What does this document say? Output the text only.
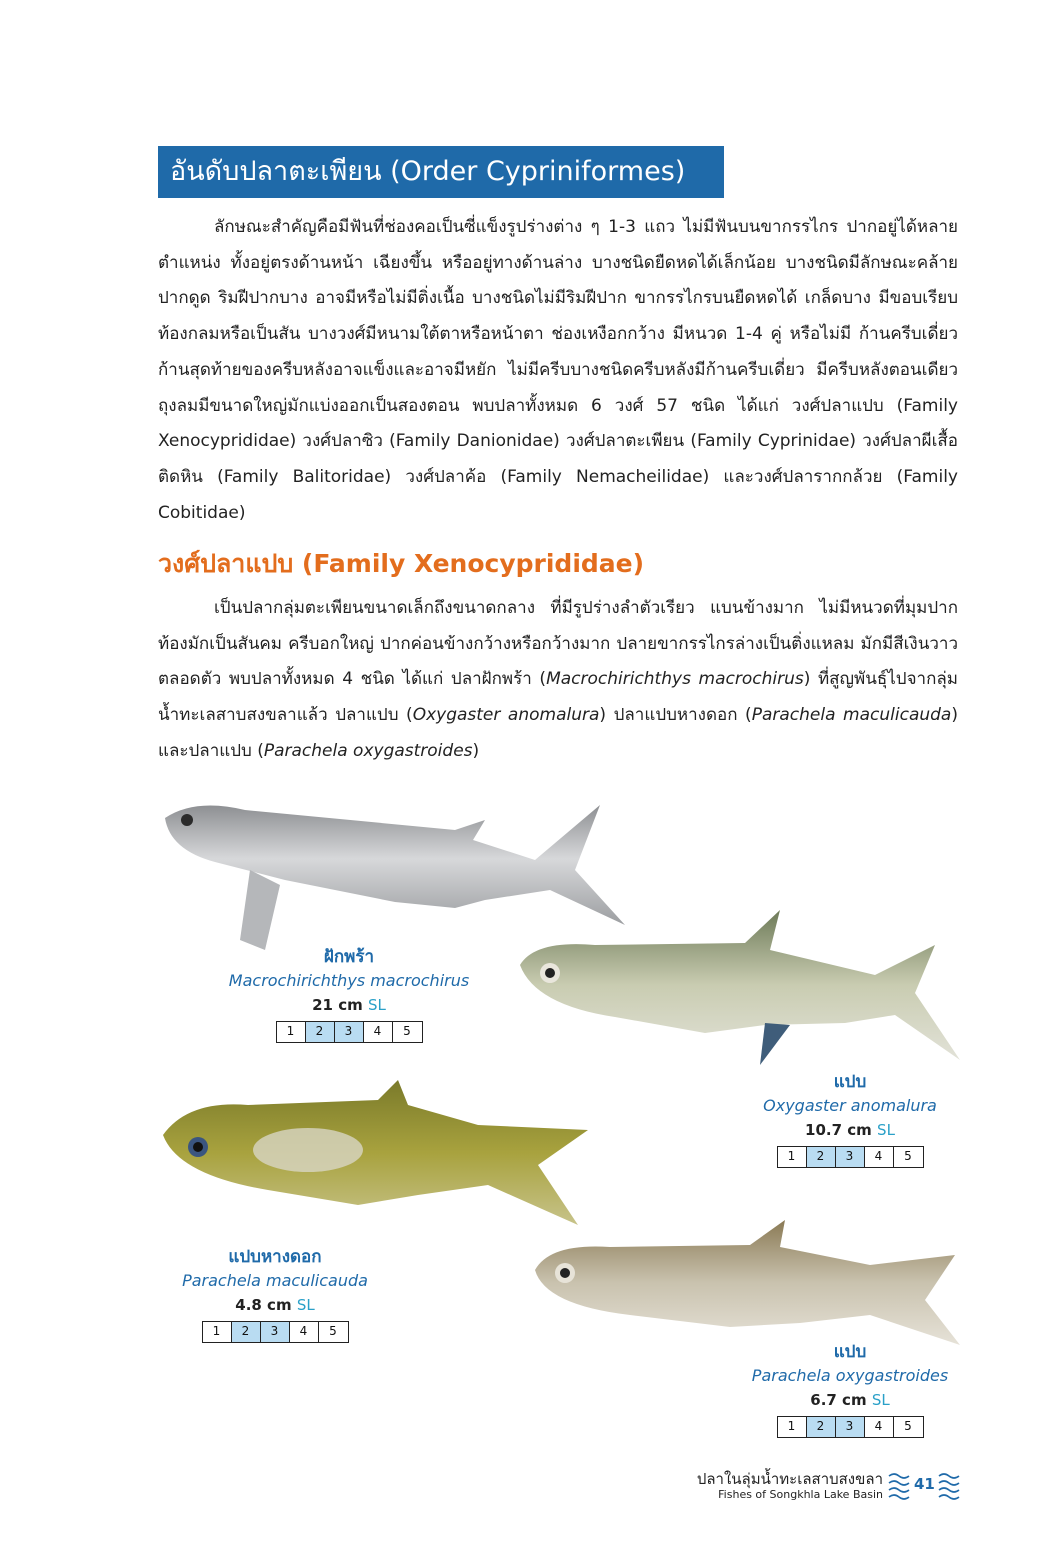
อันดับปลาตะเพียน (Order Cypriniformes)

ลักษณะสำคัญคือมีฟันที่ช่องคอเป็นซี่แข็งรูปร่างต่าง ๆ 1-3 แถว ไม่มีฟันบนขากรรไกร ปากอยู่ได้หลายตำแหน่ง ทั้งอยู่ตรงด้านหน้า เฉียงขึ้น หรืออยู่ทางด้านล่าง บางชนิดยืดหดได้เล็กน้อย บางชนิดมีลักษณะคล้ายปากดูด ริมฝีปากบาง อาจมีหรือไม่มีติ่งเนื้อ บางชนิดไม่มีริมฝีปาก ขากรรไกรบนยืดหดได้ เกล็ดบาง มีขอบเรียบ ท้องกลมหรือเป็นสัน บางวงศ์มีหนามใต้ตาหรือหน้าตา ช่องเหงือกกว้าง มีหนวด 1-4 คู่ หรือไม่มี ก้านครีบเดี่ยวก้านสุดท้ายของครีบหลังอาจแข็งและอาจมีหยัก ไม่มีครีบบางชนิดครีบหลังมีก้านครีบเดี่ยว มีครีบหลังตอนเดียว ถุงลมมีขนาดใหญ่มักแบ่งออกเป็นสองตอน พบปลาทั้งหมด 6 วงศ์ 57 ชนิด ได้แก่ วงศ์ปลาแปบ (Family Xenocyprididae) วงศ์ปลาซิว (Family Danionidae) วงศ์ปลาตะเพียน (Family Cyprinidae) วงศ์ปลาผีเสื้อติดหิน (Family Balitoridae) วงศ์ปลาค้อ (Family Nemacheilidae) และวงศ์ปลารากกล้วย (Family Cobitidae)

วงศ์ปลาแปบ (Family Xenocyprididae)

เป็นปลากลุ่มตะเพียนขนาดเล็กถึงขนาดกลาง ที่มีรูปร่างลำตัวเรียว แบนข้างมาก ไม่มีหนวดที่มุมปาก ท้องมักเป็นสันคม ครีบอกใหญ่ ปากค่อนข้างกว้างหรือกว้างมาก ปลายขากรรไกรล่างเป็นติ่งแหลม มักมีสีเงินวาวตลอดตัว พบปลาทั้งหมด 4 ชนิด ได้แก่ ปลาฝักพร้า (Macrochirichthys macrochirus) ที่สูญพันธุ์ไปจากลุ่มน้ำทะเลสาบสงขลาแล้ว ปลาแปบ (Oxygaster anomalura) ปลาแปบหางดอก (Parachela maculicauda) และปลาแปบ (Parachela oxygastroides)

ฝักพร้า
Macrochirichthys macrochirus
21 cm SL
1	2	3	4	5
แปบ
Oxygaster anomalura
10.7 cm SL
1	2	3	4	5
แปบหางดอก
Parachela maculicauda
4.8 cm SL
1	2	3	4	5
แปบ
Parachela oxygastroides
6.7 cm SL
1	2	3	4	5
ปลาในลุ่มน้ำทะเลสาบสงขลา
Fishes of Songkhla Lake Basin
41
